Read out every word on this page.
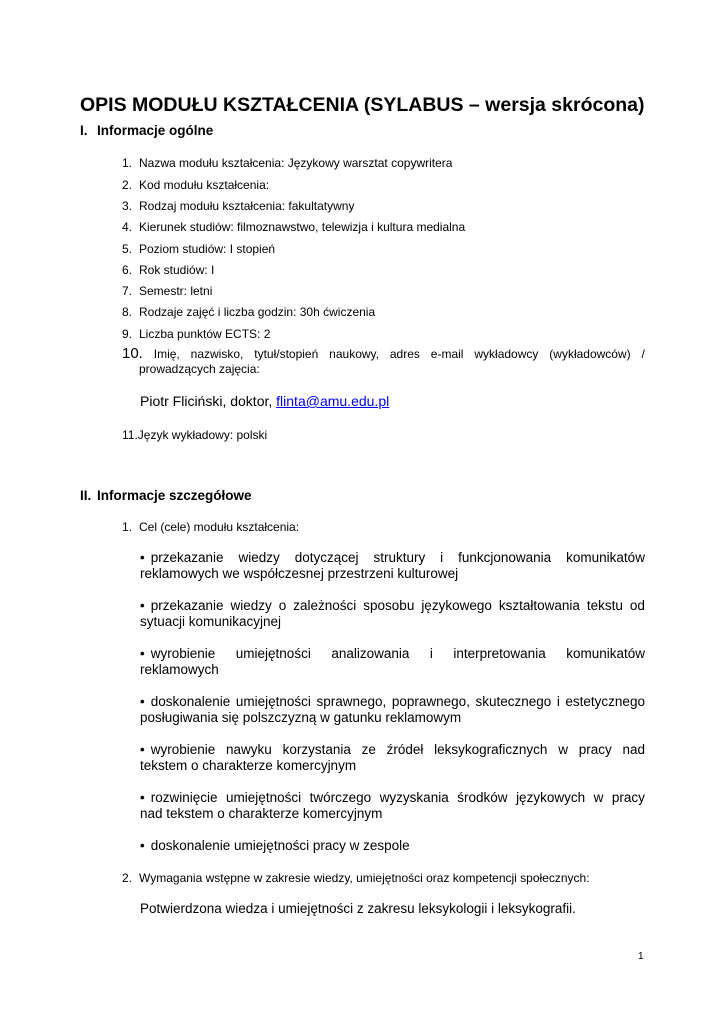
OPIS MODUŁU KSZTAŁCENIA (SYLABUS – wersja skrócona)
I. Informacje ogólne
1. Nazwa modułu kształcenia: Językowy warsztat copywritera
2. Kod modułu kształcenia:
3. Rodzaj modułu kształcenia: fakultatywny
4. Kierunek studiów: filmoznawstwo, telewizja i kultura medialna
5. Poziom studiów: I stopień
6. Rok studiów: I
7. Semestr: letni
8. Rodzaje zajęć i liczba godzin: 30h ćwiczenia
9. Liczba punktów ECTS: 2
10. Imię, nazwisko, tytuł/stopień naukowy, adres e-mail wykładowcy (wykładowców) /
prowadzących zajęcia:
Piotr Fliciński, doktor, flinta@amu.edu.pl
11.Język wykładowy: polski
II. Informacje szczegółowe
1. Cel (cele) modułu kształcenia:
• przekazanie wiedzy dotyczącej struktury i funkcjonowania komunikatów
reklamowych we współczesnej przestrzeni kulturowej
• przekazanie wiedzy o zależności sposobu językowego kształtowania tekstu od
sytuacji komunikacyjnej
• wyrobienie umiejętności analizowania i interpretowania komunikatów
reklamowych
• doskonalenie umiejętności sprawnego, poprawnego, skutecznego i estetycznego
posługiwania się polszczyzną w gatunku reklamowym
• wyrobienie nawyku korzystania ze źródeł leksykograficznych w pracy nad
tekstem o charakterze komercyjnym
• rozwinięcie umiejętności twórczego wyzyskania środków językowych w pracy
nad tekstem o charakterze komercyjnym
• doskonalenie umiejętności pracy w zespole
2. Wymagania wstępne w zakresie wiedzy, umiejętności oraz kompetencji społecznych:
Potwierdzona wiedza i umiejętności z zakresu leksykologii i leksykografii.
1
